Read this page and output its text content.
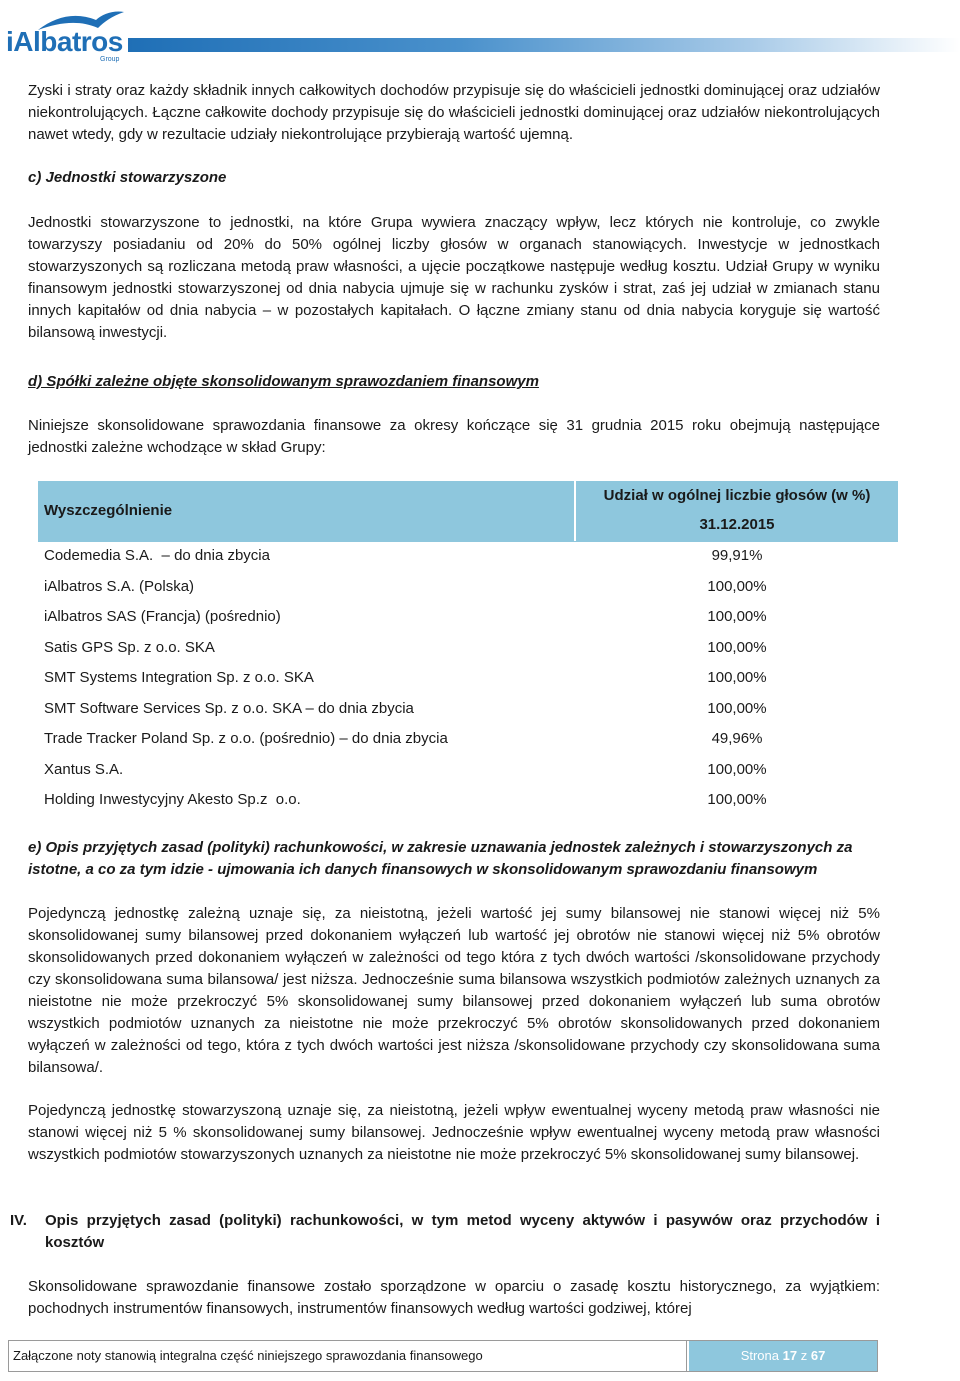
iAlbatros
Group

Zyski i straty oraz każdy składnik innych całkowitych dochodów przypisuje się do właścicieli jednostki dominującej oraz udziałów niekontrolujących. Łączne całkowite dochody przypisuje się do właścicieli jednostki dominującej oraz udziałów niekontrolujących nawet wtedy, gdy w rezultacie udziały niekontrolujące przybierają wartość ujemną.

c) Jednostki stowarzyszone

Jednostki stowarzyszone to jednostki, na które Grupa wywiera znaczący wpływ, lecz których nie kontroluje, co zwykle towarzyszy posiadaniu od 20% do 50% ogólnej liczby głosów w organach stanowiących. Inwestycje w jednostkach stowarzyszonych są rozliczana metodą praw własności, a ujęcie początkowe następuje według kosztu. Udział Grupy w wyniku finansowym jednostki stowarzyszonej od dnia nabycia ujmuje się w rachunku zysków i strat, zaś jej udział w zmianach stanu innych kapitałów od dnia nabycia – w pozostałych kapitałach. O łączne zmiany stanu od dnia nabycia koryguje się wartość bilansową inwestycji.

d) Spółki zależne objęte skonsolidowanym sprawozdaniem finansowym

Niniejsze skonsolidowane sprawozdania finansowe za okresy kończące się 31 grudnia 2015 roku obejmują następujące jednostki zależne wchodzące w skład Grupy:

Wyszczególnienie
Udział w ogólnej liczbie głosów (w %)
31.12.2015
Codemedia S.A.  – do dnia zbycia	99,91%
iAlbatros S.A. (Polska)	100,00%
iAlbatros SAS (Francja) (pośrednio)	100,00%
Satis GPS Sp. z o.o. SKA	100,00%
SMT Systems Integration Sp. z o.o. SKA	100,00%
SMT Software Services Sp. z o.o. SKA – do dnia zbycia	100,00%
Trade Tracker Poland Sp. z o.o. (pośrednio) – do dnia zbycia	49,96%
Xantus S.A.	100,00%
Holding Inwestycyjny Akesto Sp.z  o.o.	100,00%

e) Opis przyjętych zasad (polityki) rachunkowości, w zakresie uznawania jednostek zależnych i stowarzyszonych za istotne, a co za tym idzie - ujmowania ich danych finansowych w skonsolidowanym sprawozdaniu finansowym

Pojedynczą jednostkę zależną uznaje się, za nieistotną, jeżeli wartość jej sumy bilansowej nie stanowi więcej niż 5% skonsolidowanej sumy bilansowej przed dokonaniem wyłączeń lub wartość jej obrotów nie stanowi więcej niż 5% obrotów skonsolidowanych przed dokonaniem wyłączeń w zależności od tego która z tych dwóch wartości /skonsolidowane przychody czy skonsolidowana suma bilansowa/ jest niższa. Jednocześnie suma bilansowa wszystkich podmiotów zależnych uznanych za nieistotne nie może przekroczyć 5% skonsolidowanej sumy bilansowej przed dokonaniem wyłączeń lub suma obrotów wszystkich podmiotów uznanych za nieistotne nie może przekroczyć 5% obrotów skonsolidowanych przed dokonaniem wyłączeń w zależności od tego, która z tych dwóch wartości jest niższa /skonsolidowane przychody czy skonsolidowana suma bilansowa/.

Pojedynczą jednostkę stowarzyszoną uznaje się, za nieistotną, jeżeli wpływ ewentualnej wyceny metodą praw własności nie stanowi więcej niż 5 % skonsolidowanej sumy bilansowej. Jednocześnie wpływ ewentualnej wyceny metodą praw własności wszystkich podmiotów stowarzyszonych uznanych za nieistotne nie może przekroczyć 5% skonsolidowanej sumy bilansowej.

IV. Opis przyjętych zasad (polityki) rachunkowości, w tym metod wyceny aktywów i pasywów oraz przychodów i kosztów

Skonsolidowane sprawozdanie finansowe zostało sporządzone w oparciu o zasadę kosztu historycznego, za wyjątkiem: pochodnych instrumentów finansowych, instrumentów finansowych według wartości godziwej, której

Załączone noty stanowią integralna część niniejszego sprawozdania finansowego	Strona 17 z 67
